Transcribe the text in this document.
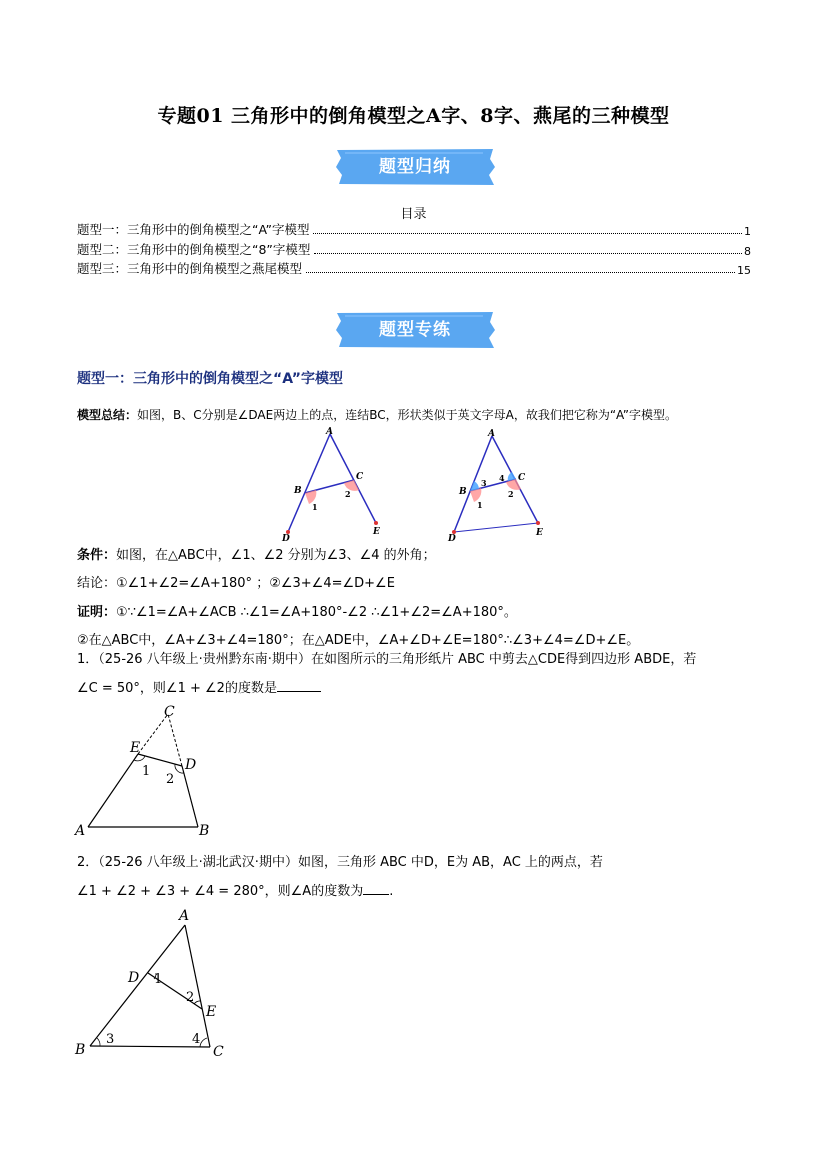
专题01 三角形中的倒角模型之A字、8字、燕尾的三种模型
题型归纳
目录
题型一：三角形中的倒角模型之“A”字模型	1
题型二：三角形中的倒角模型之“8”字模型	8
题型三：三角形中的倒角模型之燕尾模型	15
题型专练
题型一：三角形中的倒角模型之“A”字模型
模型总结：如图，B、C分别是∠DAE两边上的点，连结BC，形状类似于英文字母A，故我们把它称为“A”字模型。
A
B
C
D
E
1
2
A
B
C
D
E
1
2
3 4
条件：如图，在△ABC中，∠1、∠2 分别为∠3、∠4 的外角；
结论：①∠1+∠2=∠A+180° ；②∠3+∠4=∠D+∠E
证明：①∵∠1=∠A+∠ACB ∴∠1=∠A+180°-∠2 ∴∠1+∠2=∠A+180°。
②在△ABC中，∠A+∠3+∠4=180°；在△ADE中，∠A+∠D+∠E=180°∴∠3+∠4=∠D+∠E。
1．（25-26 八年级上·贵州黔东南·期中）在如图所示的三角形纸片 ABC 中剪去△CDE得到四边形 ABDE，若
∠C = 50°，则∠1 + ∠2的度数是
C
E
D
A	B
1
2
2．（25-26 八年级上·湖北武汉·期中）如图，三角形 ABC 中D，E为 AB，AC 上的两点，若
∠1 + ∠2 + ∠3 + ∠4 = 280°，则∠A的度数为 .
A
D
E
B	C
1
2
3	4
